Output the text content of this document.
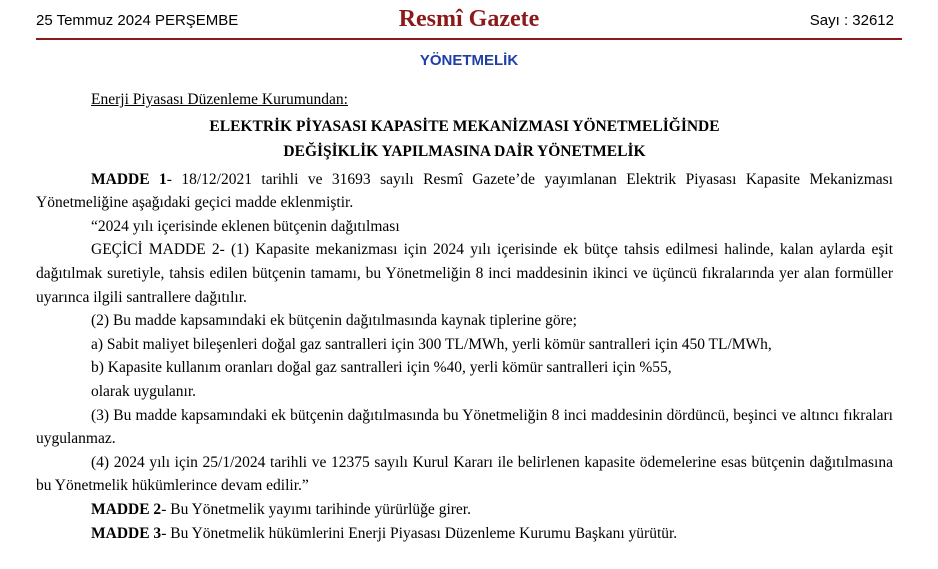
25 Temmuz 2024 PERŞEMBE	Resmî Gazete	Sayı : 32612
YÖNETMELİK

Enerji Piyasası Düzenleme Kurumundan:

ELEKTRİK PİYASASI KAPASİTE MEKANİZMASI YÖNETMELİĞİNDE
DEĞİŞİKLİK YAPILMASINA DAİR YÖNETMELİK

MADDE 1- 18/12/2021 tarihli ve 31693 sayılı Resmî Gazete’de yayımlanan Elektrik Piyasası Kapasite Mekanizması Yönetmeliğine aşağıdaki geçici madde eklenmiştir.

“2024 yılı içerisinde eklenen bütçenin dağıtılması

GEÇİCİ MADDE 2- (1) Kapasite mekanizması için 2024 yılı içerisinde ek bütçe tahsis edilmesi halinde, kalan aylarda eşit dağıtılmak suretiyle, tahsis edilen bütçenin tamamı, bu Yönetmeliğin 8 inci maddesinin ikinci ve üçüncü fıkralarında yer alan formüller uyarınca ilgili santrallere dağıtılır.

(2) Bu madde kapsamındaki ek bütçenin dağıtılmasında kaynak tiplerine göre;

a) Sabit maliyet bileşenleri doğal gaz santralleri için 300 TL/MWh, yerli kömür santralleri için 450 TL/MWh,

b) Kapasite kullanım oranları doğal gaz santralleri için %40, yerli kömür santralleri için %55,

olarak uygulanır.

(3) Bu madde kapsamındaki ek bütçenin dağıtılmasında bu Yönetmeliğin 8 inci maddesinin dördüncü, beşinci ve altıncı fıkraları uygulanmaz.

(4) 2024 yılı için 25/1/2024 tarihli ve 12375 sayılı Kurul Kararı ile belirlenen kapasite ödemelerine esas bütçenin dağıtılmasına bu Yönetmelik hükümlerince devam edilir.”

MADDE 2- Bu Yönetmelik yayımı tarihinde yürürlüğe girer.

MADDE 3- Bu Yönetmelik hükümlerini Enerji Piyasası Düzenleme Kurumu Başkanı yürütür.
